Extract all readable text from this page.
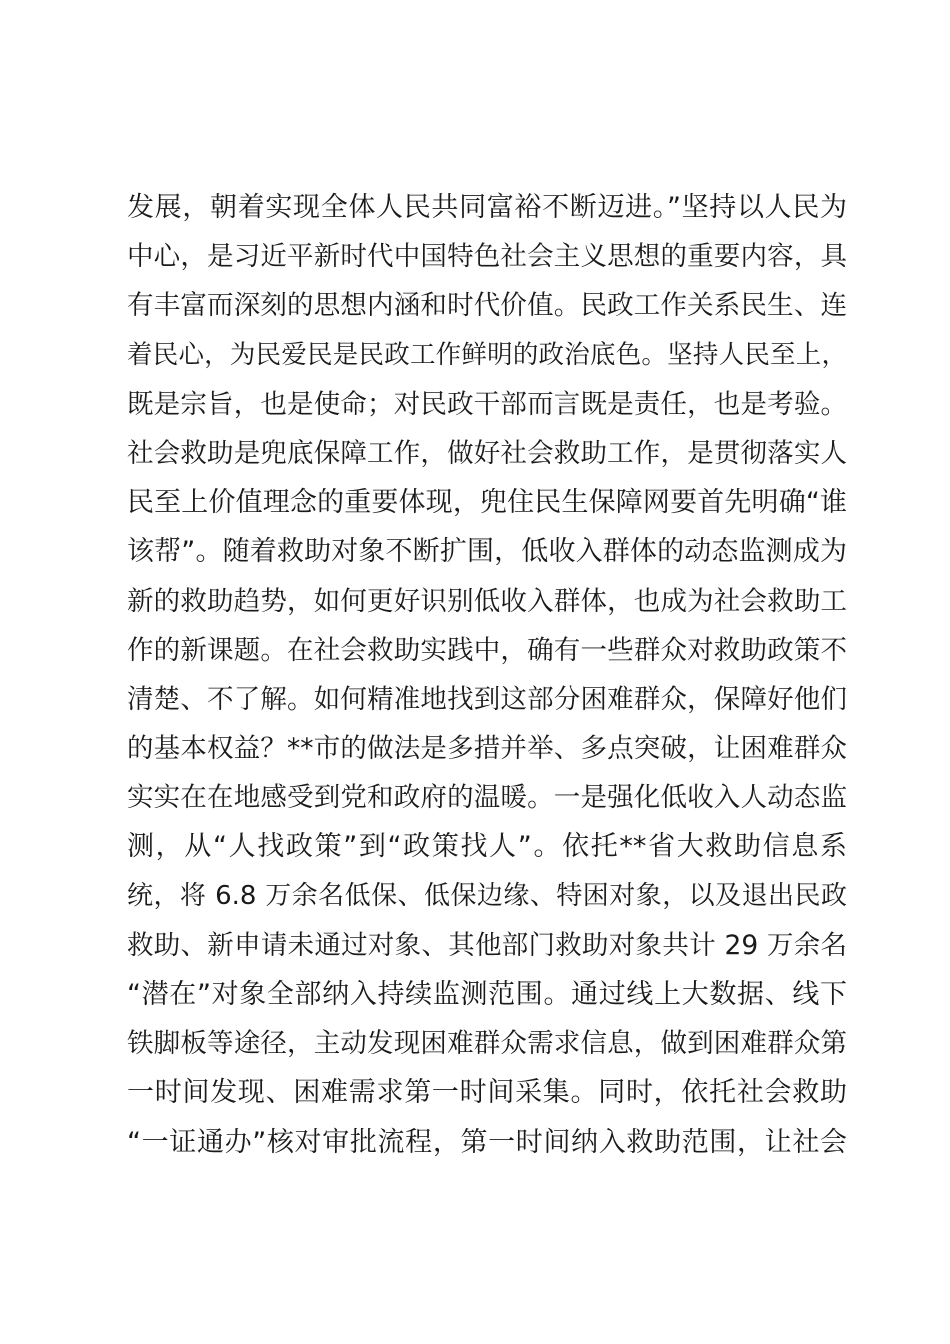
发展，朝着实现全体人民共同富裕不断迈进。”坚持以人民为
中心，是习近平新时代中国特色社会主义思想的重要内容，具
有丰富而深刻的思想内涵和时代价值。民政工作关系民生、连
着民心，为民爱民是民政工作鲜明的政治底色。坚持人民至上，
既是宗旨，也是使命；对民政干部而言既是责任，也是考验。
社会救助是兜底保障工作，做好社会救助工作，是贯彻落实人
民至上价值理念的重要体现，兜住民生保障网要首先明确“谁
该帮”。随着救助对象不断扩围，低收入群体的动态监测成为
新的救助趋势，如何更好识别低收入群体，也成为社会救助工
作的新课题。在社会救助实践中，确有一些群众对救助政策不
清楚、不了解。如何精准地找到这部分困难群众，保障好他们
的基本权益？**市的做法是多措并举、多点突破，让困难群众
实实在在地感受到党和政府的温暖。一是强化低收入人动态监
测，从“人找政策”到“政策找人”。依托**省大救助信息系
统，将 6.8 万余名低保、低保边缘、特困对象，以及退出民政
救助、新申请未通过对象、其他部门救助对象共计 29 万余名
“潜在”对象全部纳入持续监测范围。通过线上大数据、线下
铁脚板等途径，主动发现困难群众需求信息，做到困难群众第
一时间发现、困难需求第一时间采集。同时，依托社会救助
“一证通办”核对审批流程，第一时间纳入救助范围，让社会
